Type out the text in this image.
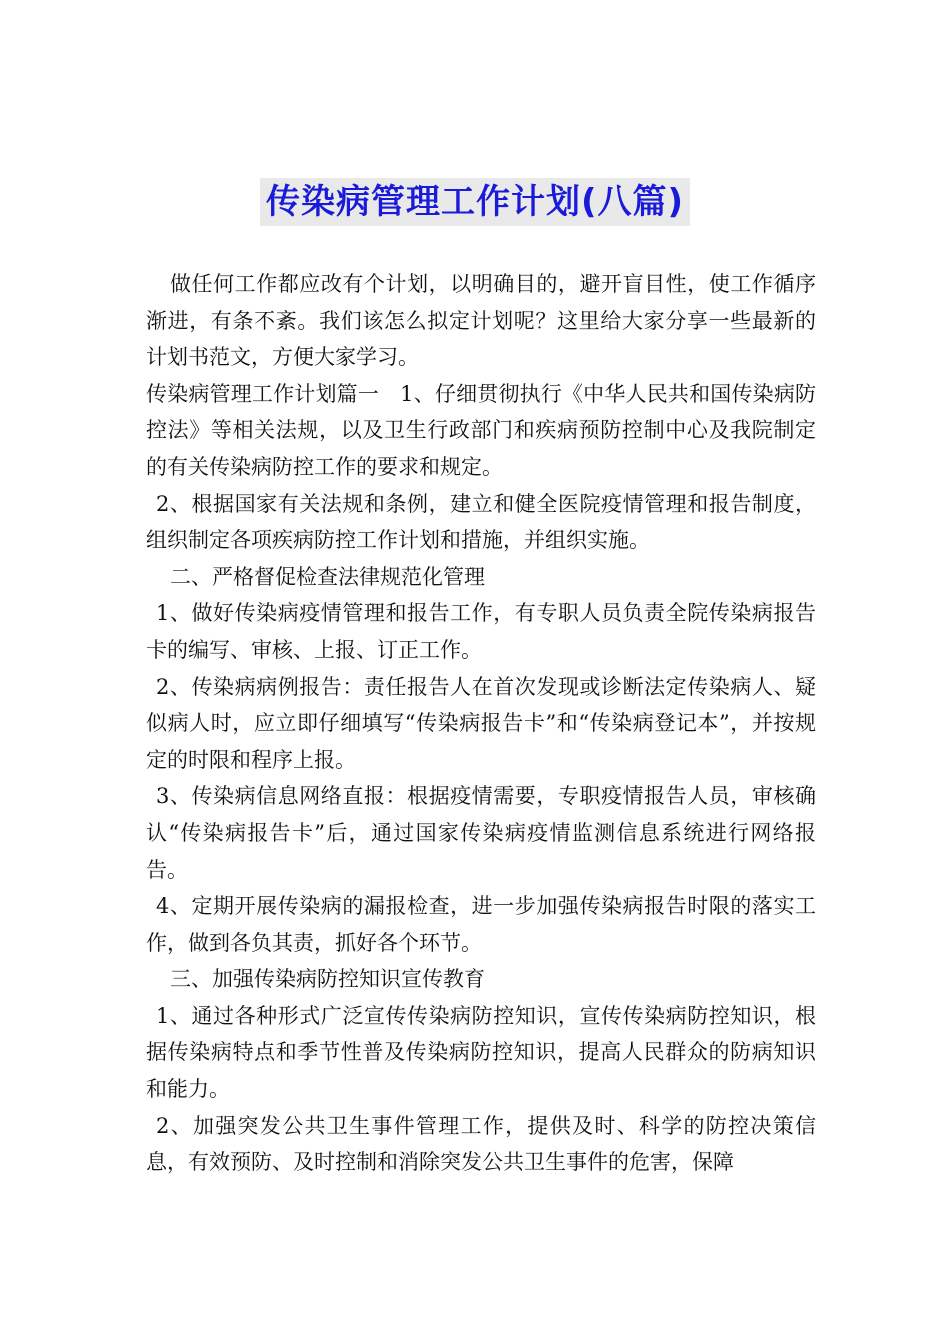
传染病管理工作计划(八篇)

做任何工作都应改有个计划，以明确目的，避开盲目性，使工作循序渐进，有条不紊。我们该怎么拟定计划呢？这里给大家分享一些最新的计划书范文，方便大家学习。

传染病管理工作计划篇一　1、仔细贯彻执行《中华人民共和国传染病防控法》等相关法规，以及卫生行政部门和疾病预防控制中心及我院制定的有关传染病防控工作的要求和规定。

2、根据国家有关法规和条例，建立和健全医院疫情管理和报告制度，组织制定各项疾病防控工作计划和措施，并组织实施。

二、严格督促检查法律规范化管理

1、做好传染病疫情管理和报告工作，有专职人员负责全院传染病报告卡的编写、审核、上报、订正工作。

2、传染病病例报告：责任报告人在首次发现或诊断法定传染病人、疑似病人时，应立即仔细填写“传染病报告卡”和“传染病登记本”，并按规定的时限和程序上报。

3、传染病信息网络直报：根据疫情需要，专职疫情报告人员，审核确认“传染病报告卡”后，通过国家传染病疫情监测信息系统进行网络报告。

4、定期开展传染病的漏报检查，进一步加强传染病报告时限的落实工作，做到各负其责，抓好各个环节。

三、加强传染病防控知识宣传教育

1、通过各种形式广泛宣传传染病防控知识，宣传传染病防控知识，根据传染病特点和季节性普及传染病防控知识，提高人民群众的防病知识和能力。

2、加强突发公共卫生事件管理工作，提供及时、科学的防控决策信息，有效预防、及时控制和消除突发公共卫生事件的危害，保障
